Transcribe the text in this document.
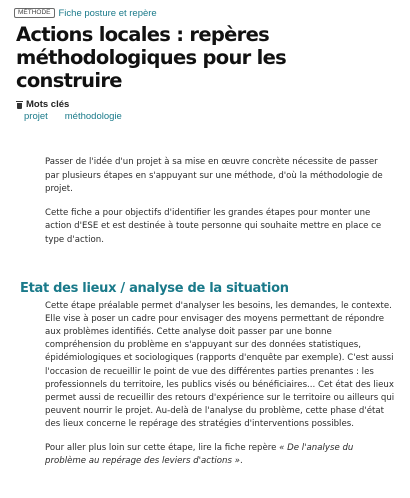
MÉTHODE Fiche posture et repère
Actions locales : repères méthodologiques pour les construire
Mots clés
projet méthodologie

Passer de l'idée d'un projet à sa mise en œuvre concrète nécessite de passer par plusieurs étapes en s'appuyant sur une méthode, d'où la méthodologie de projet.

Cette fiche a pour objectifs d'identifier les grandes étapes pour monter une action d'ESE et est destinée à toute personne qui souhaite mettre en place ce type d'action.

Etat des lieux / analyse de la situation

Cette étape préalable permet d'analyser les besoins, les demandes, le contexte. Elle vise à poser un cadre pour envisager des moyens permettant de répondre aux problèmes identifiés. Cette analyse doit passer par une bonne compréhension du problème en s'appuyant sur des données statistiques, épidémiologiques et sociologiques (rapports d'enquête par exemple). C'est aussi l'occasion de recueillir le point de vue des différentes parties prenantes : les professionnels du territoire, les publics visés ou bénéficiaires... Cet état des lieux permet aussi de recueillir des retours d'expérience sur le territoire ou ailleurs qui peuvent nourrir le projet. Au-delà de l'analyse du problème, cette phase d'état des lieux concerne le repérage des stratégies d'interventions possibles.

Pour aller plus loin sur cette étape, lire la fiche repère « De l'analyse du problème au repérage des leviers d'actions ».
